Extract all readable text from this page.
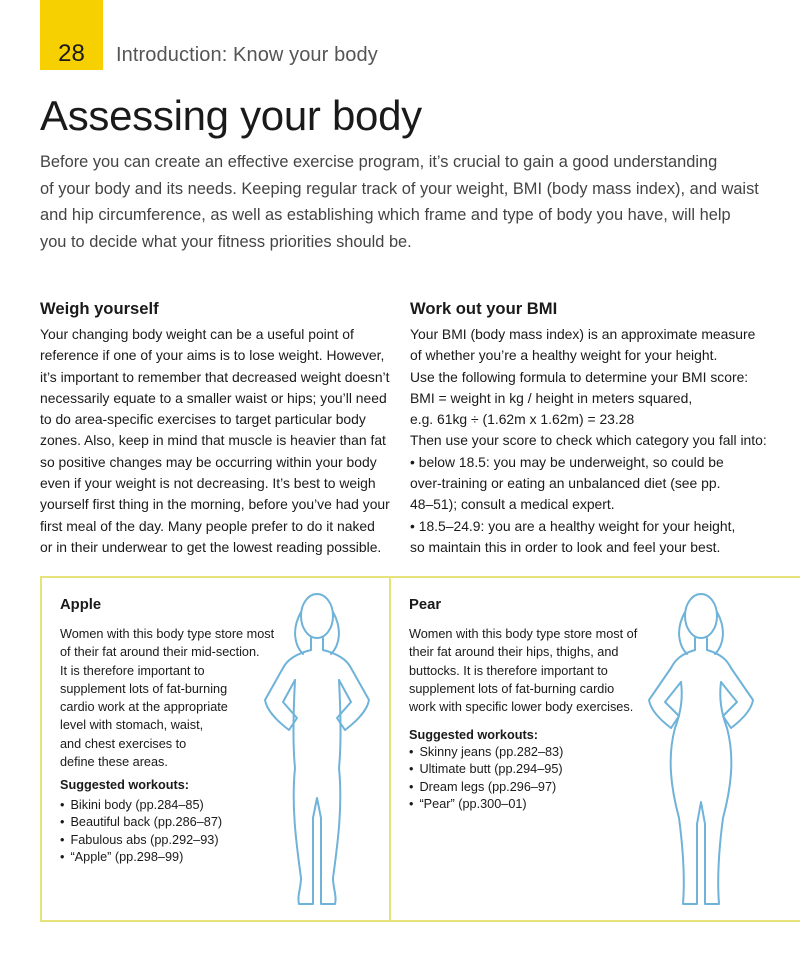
28	Introduction: Know your body
Assessing your body

Before you can create an effective exercise program, it’s crucial to gain a good understanding
of your body and its needs. Keeping regular track of your weight, BMI (body mass index), and waist
and hip circumference, as well as establishing which frame and type of body you have, will help
you to decide what your fitness priorities should be.

Weigh yourself

Your changing body weight can be a useful point of
reference if one of your aims is to lose weight. However,
it’s important to remember that decreased weight doesn’t
necessarily equate to a smaller waist or hips; you’ll need
to do area-specific exercises to target particular body
zones. Also, keep in mind that muscle is heavier than fat
so positive changes may be occurring within your body
even if your weight is not decreasing. It’s best to weigh
yourself first thing in the morning, before you’ve had your
first meal of the day. Many people prefer to do it naked
or in their underwear to get the lowest reading possible.

Work out your BMI

Your BMI (body mass index) is an approximate measure
of whether you’re a healthy weight for your height.
Use the following formula to determine your BMI score:
BMI = weight in kg / height in meters squared,
e.g. 61kg ÷ (1.62m x 1.62m) = 23.28
Then use your score to check which category you fall into:
• below 18.5: you may be underweight, so could be
over-training or eating an unbalanced diet (see pp.
48–51); consult a medical expert.
• 18.5–24.9: you are a healthy weight for your height,
so maintain this in order to look and feel your best.

Apple

Women with this body type store most
of their fat around their mid-section.
It is therefore important to
supplement lots of fat-burning
cardio work at the appropriate
level with stomach, waist,
and chest exercises to
define these areas.

Suggested workouts:

• Bikini body (pp.284–85)
• Beautiful back (pp.286–87)
• Fabulous abs (pp.292–93)
• “Apple” (pp.298–99)
Pear

Women with this body type store most of
their fat around their hips, thighs, and
buttocks. It is therefore important to
supplement lots of fat-burning cardio
work with specific lower body exercises.

Suggested workouts:

• Skinny jeans (pp.282–83)
• Ultimate butt (pp.294–95)
• Dream legs (pp.296–97)
• “Pear” (pp.300–01)
